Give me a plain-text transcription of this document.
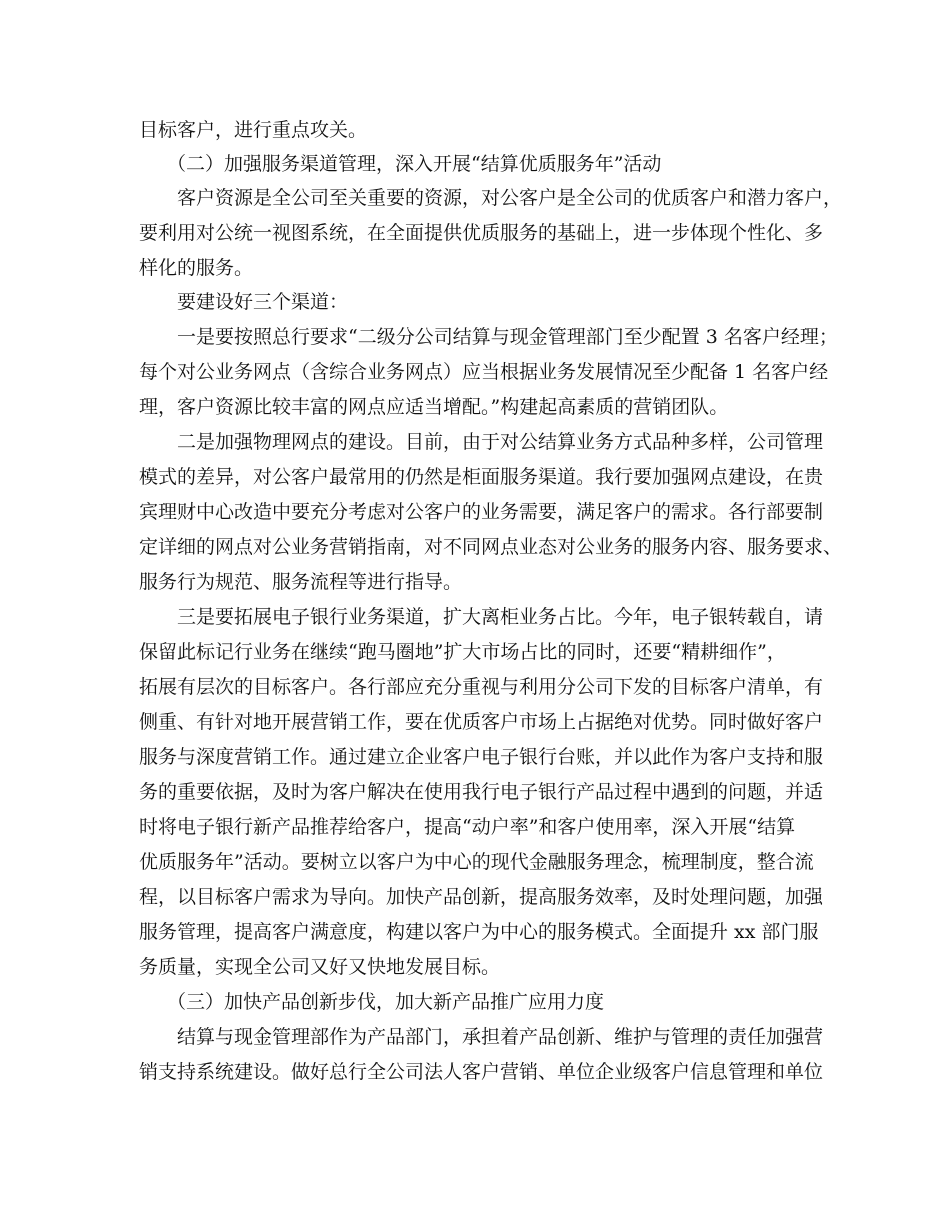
目标客户，进行重点攻关。
（二）加强服务渠道管理，深入开展“结算优质服务年”活动
客户资源是全公司至关重要的资源，对公客户是全公司的优质客户和潜力客户，
要利用对公统一视图系统，在全面提供优质服务的基础上，进一步体现个性化、多
样化的服务。
要建设好三个渠道：
一是要按照总行要求“二级分公司结算与现金管理部门至少配置 3 名客户经理；
每个对公业务网点（含综合业务网点）应当根据业务发展情况至少配备 1 名客户经
理，客户资源比较丰富的网点应适当增配。”构建起高素质的营销团队。
二是加强物理网点的建设。目前，由于对公结算业务方式品种多样，公司管理
模式的差异，对公客户最常用的仍然是柜面服务渠道。我行要加强网点建设，在贵
宾理财中心改造中要充分考虑对公客户的业务需要，满足客户的需求。各行部要制
定详细的网点对公业务营销指南，对不同网点业态对公业务的服务内容、服务要求、
服务行为规范、服务流程等进行指导。
三是要拓展电子银行业务渠道，扩大离柜业务占比。今年，电子银转载自，请
保留此标记行业务在继续“跑马圈地”扩大市场占比的同时，还要“精耕细作”，
拓展有层次的目标客户。各行部应充分重视与利用分公司下发的目标客户清单，有
侧重、有针对地开展营销工作，要在优质客户市场上占据绝对优势。同时做好客户
服务与深度营销工作。通过建立企业客户电子银行台账，并以此作为客户支持和服
务的重要依据，及时为客户解决在使用我行电子银行产品过程中遇到的问题，并适
时将电子银行新产品推荐给客户，提高“动户率”和客户使用率，深入开展“结算
优质服务年”活动。要树立以客户为中心的现代金融服务理念，梳理制度，整合流
程，以目标客户需求为导向。加快产品创新，提高服务效率，及时处理问题，加强
服务管理，提高客户满意度，构建以客户为中心的服务模式。全面提升 xx 部门服
务质量，实现全公司又好又快地发展目标。
（三）加快产品创新步伐，加大新产品推广应用力度
结算与现金管理部作为产品部门，承担着产品创新、维护与管理的责任加强营
销支持系统建设。做好总行全公司法人客户营销、单位企业级客户信息管理和单位
